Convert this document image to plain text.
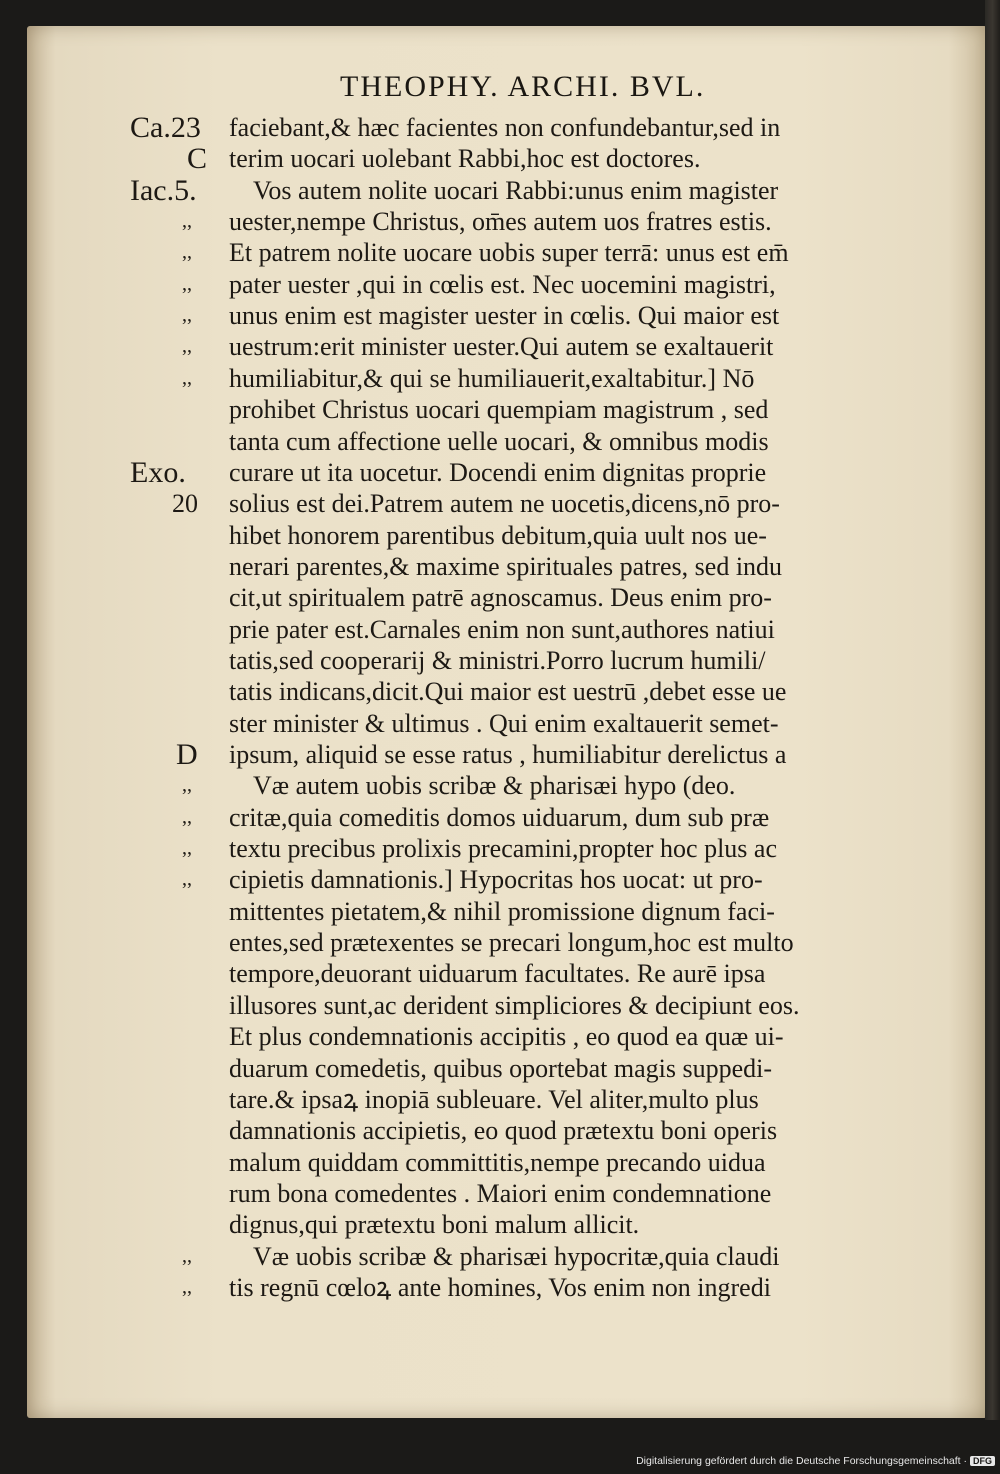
THEOPHY. ARCHI. BVL.
Ca.23
C
Iac.5.
,,
,,
,,
,,
,,
,,
Exo.
20
D
,,
,,
,,
,,
,,
,,
faciebant,& hæc facientes non confundebantur,sed in
terim uocari uolebant Rabbi,hoc est doctores.
Vos autem nolite uocari Rabbi:unus enim magister
uester,nempe Christus, om̄es autem uos fratres estis.
Et patrem nolite uocare uobis super terrā: unus est em̄
pater uester ,qui in cœlis est. Nec uocemini magistri,
unus enim est magister uester in cœlis. Qui maior est
uestrum:erit minister uester.Qui autem se exaltauerit
humiliabitur,& qui se humiliauerit,exaltabitur.] Nō
prohibet Christus uocari quempiam magistrum , sed
tanta cum affectione uelle uocari, & omnibus modis
curare ut ita uocetur. Docendi enim dignitas proprie
solius est dei.Patrem autem ne uocetis,dicens,nō pro-
hibet honorem parentibus debitum,quia uult nos ue-
nerari parentes,& maxime spirituales patres, sed indu
cit,ut spiritualem patrē agnoscamus. Deus enim pro-
prie pater est.Carnales enim non sunt,authores natiui
tatis,sed cooperarij & ministri.Porro lucrum humili/
tatis indicans,dicit.Qui maior est uestrū ,debet esse ue
ster minister & ultimus . Qui enim exaltauerit semet-
ipsum, aliquid se esse ratus , humiliabitur derelictus a
Væ autem uobis scribæ & pharisæi hypo (deo.
critæ,quia comeditis domos uiduarum, dum sub præ
textu precibus prolixis precamini,propter hoc plus ac
cipietis damnationis.] Hypocritas hos uocat: ut pro-
mittentes pietatem,& nihil promissione dignum faci-
entes,sed prætexentes se precari longum,hoc est multo
tempore,deuorant uiduarum facultates. Re aurē ipsa
illusores sunt,ac derident simpliciores & decipiunt eos.
Et plus condemnationis accipitis , eo quod ea quæ ui-
duarum comedetis, quibus oportebat magis suppedi-
tare.& ipsaꝝ inopiā subleuare. Vel aliter,multo plus
damnationis accipietis, eo quod prætextu boni operis
malum quiddam committitis,nempe precando uidua
rum bona comedentes . Maiori enim condemnatione
dignus,qui prætextu boni malum allicit.
Væ uobis scribæ & pharisæi hypocritæ,quia claudi
tis regnū cœloꝝ ante homines, Vos enim non ingredi
Digitalisierung gefördert durch die Deutsche Forschungsgemeinschaft · DFG
